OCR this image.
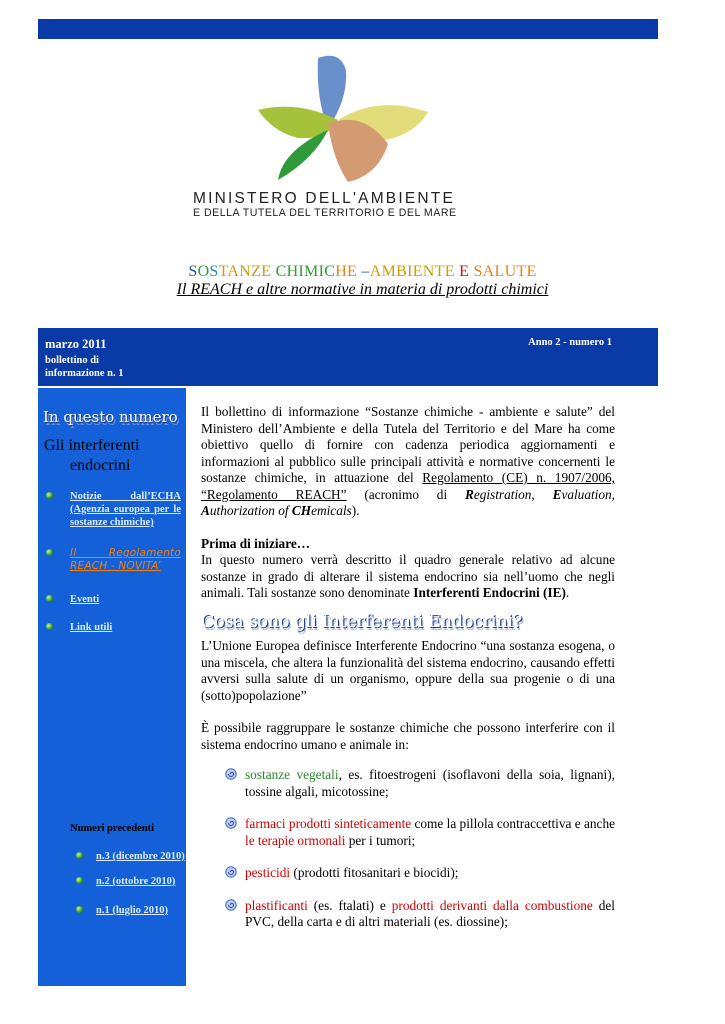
MINISTERO DELL'AMBIENTE
E DELLA TUTELA DEL TERRITORIO E DEL MARE
SOSTANZE CHIMICHE –AMBIENTE E SALUTE
Il REACH e altre normative in materia di prodotti chimici
marzo 2011
bollettino di
informazione n. 1
Anno 2 - numero 1
In questo numero
Gli interferenti
endocrini
Notizie dall’ECHA (Agenzia europea per le sostanze chimiche)
Il Regolamento REACH - NOVITA’
Eventi
Link utili
Numeri precedenti
n.3 (dicembre 2010)
n.2 (ottobre 2010)
n.1 (luglio 2010)

Il bollettino di informazione “Sostanze chimiche - ambiente e salute” del Ministero dell’Ambiente e della Tutela del Territorio e del Mare ha come obiettivo quello di fornire con cadenza periodica aggiornamenti e informazioni al pubblico sulle principali attività e normative concernenti le sostanze chimiche, in attuazione del Regolamento (CE) n. 1907/2006, “Regolamento REACH” (acronimo di Registration, Evaluation, Authorization of CHemicals).

Prima di iniziare…

In questo numero verrà descritto il quadro generale relativo ad alcune sostanze in grado di alterare il sistema endocrino sia nell’uomo che negli animali. Tali sostanze sono denominate Interferenti Endocrini (IE).

Cosa sono gli Interferenti Endocrini?

L’Unione Europea definisce Interferente Endocrino “una sostanza esogena, o una miscela, che altera la funzionalità del sistema endocrino, causando effetti avversi sulla salute di un organismo, oppure della sua progenie o di una (sotto)popolazione”

È possibile raggruppare le sostanze chimiche che possono interferire con il sistema endocrino umano e animale in:

sostanze vegetali, es. fitoestrogeni (isoflavoni della soia, lignani), tossine algali, micotossine;
farmaci prodotti sinteticamente come la pillola contraccettiva e anche le terapie ormonali per i tumori;
pesticidi (prodotti fitosanitari e biocidi);
plastificanti (es. ftalati) e prodotti derivanti dalla combustione del PVC, della carta e di altri materiali (es. diossine);
